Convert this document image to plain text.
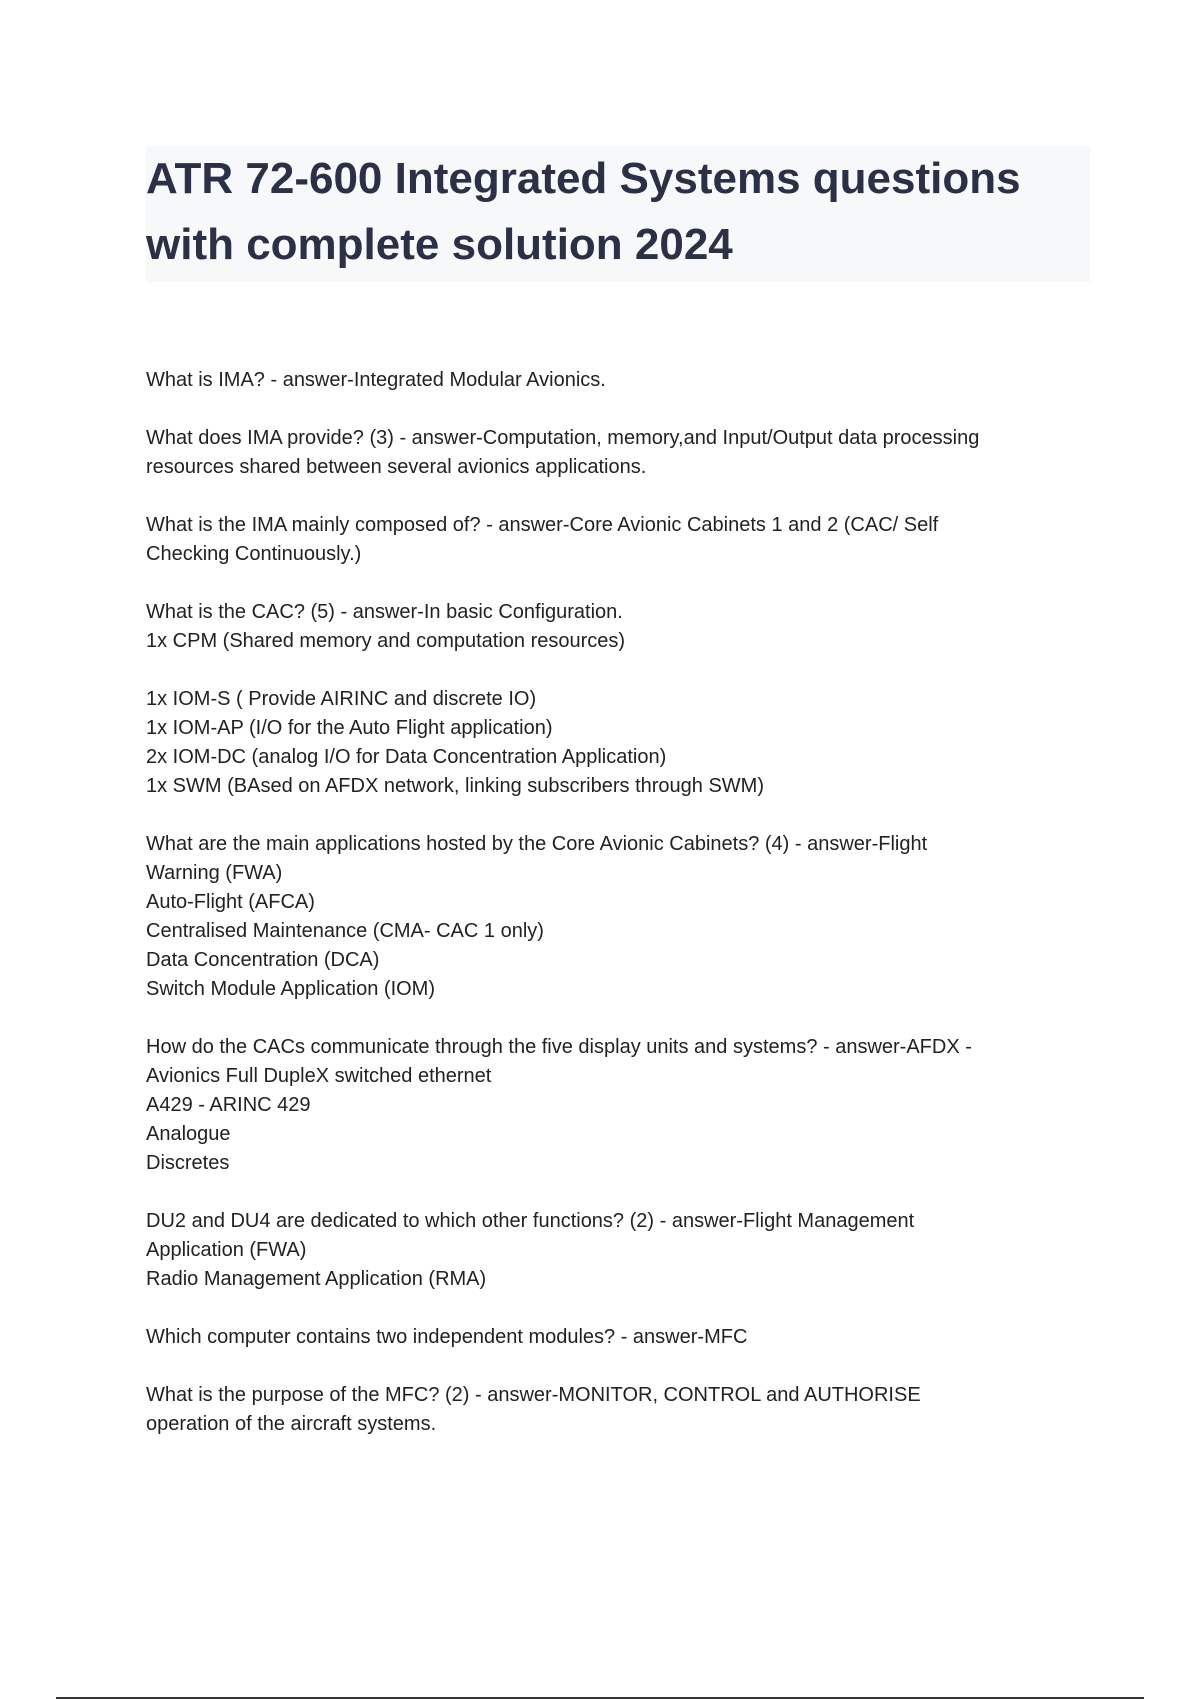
ATR 72-600 Integrated Systems questions
with complete solution 2024

What is IMA? - answer-Integrated Modular Avionics.

What does IMA provide? (3) - answer-Computation, memory,and Input/Output data processing
resources shared between several avionics applications.

What is the IMA mainly composed of? - answer-Core Avionic Cabinets 1 and 2 (CAC/ Self
Checking Continuously.)

What is the CAC? (5) - answer-In basic Configuration.
1x CPM (Shared memory and computation resources)

1x IOM-S ( Provide AIRINC and discrete IO)
1x IOM-AP (I/O for the Auto Flight application)
2x IOM-DC (analog I/O for Data Concentration Application)
1x SWM (BAsed on AFDX network, linking subscribers through SWM)

What are the main applications hosted by the Core Avionic Cabinets? (4) - answer-Flight
Warning (FWA)
Auto-Flight (AFCA)
Centralised Maintenance (CMA- CAC 1 only)
Data Concentration (DCA)
Switch Module Application (IOM)

How do the CACs communicate through the five display units and systems? - answer-AFDX -
Avionics Full DupleX switched ethernet
A429 - ARINC 429
Analogue
Discretes

DU2 and DU4 are dedicated to which other functions? (2) - answer-Flight Management
Application (FWA)
Radio Management Application (RMA)

Which computer contains two independent modules? - answer-MFC

What is the purpose of the MFC? (2) - answer-MONITOR, CONTROL and AUTHORISE
operation of the aircraft systems.
